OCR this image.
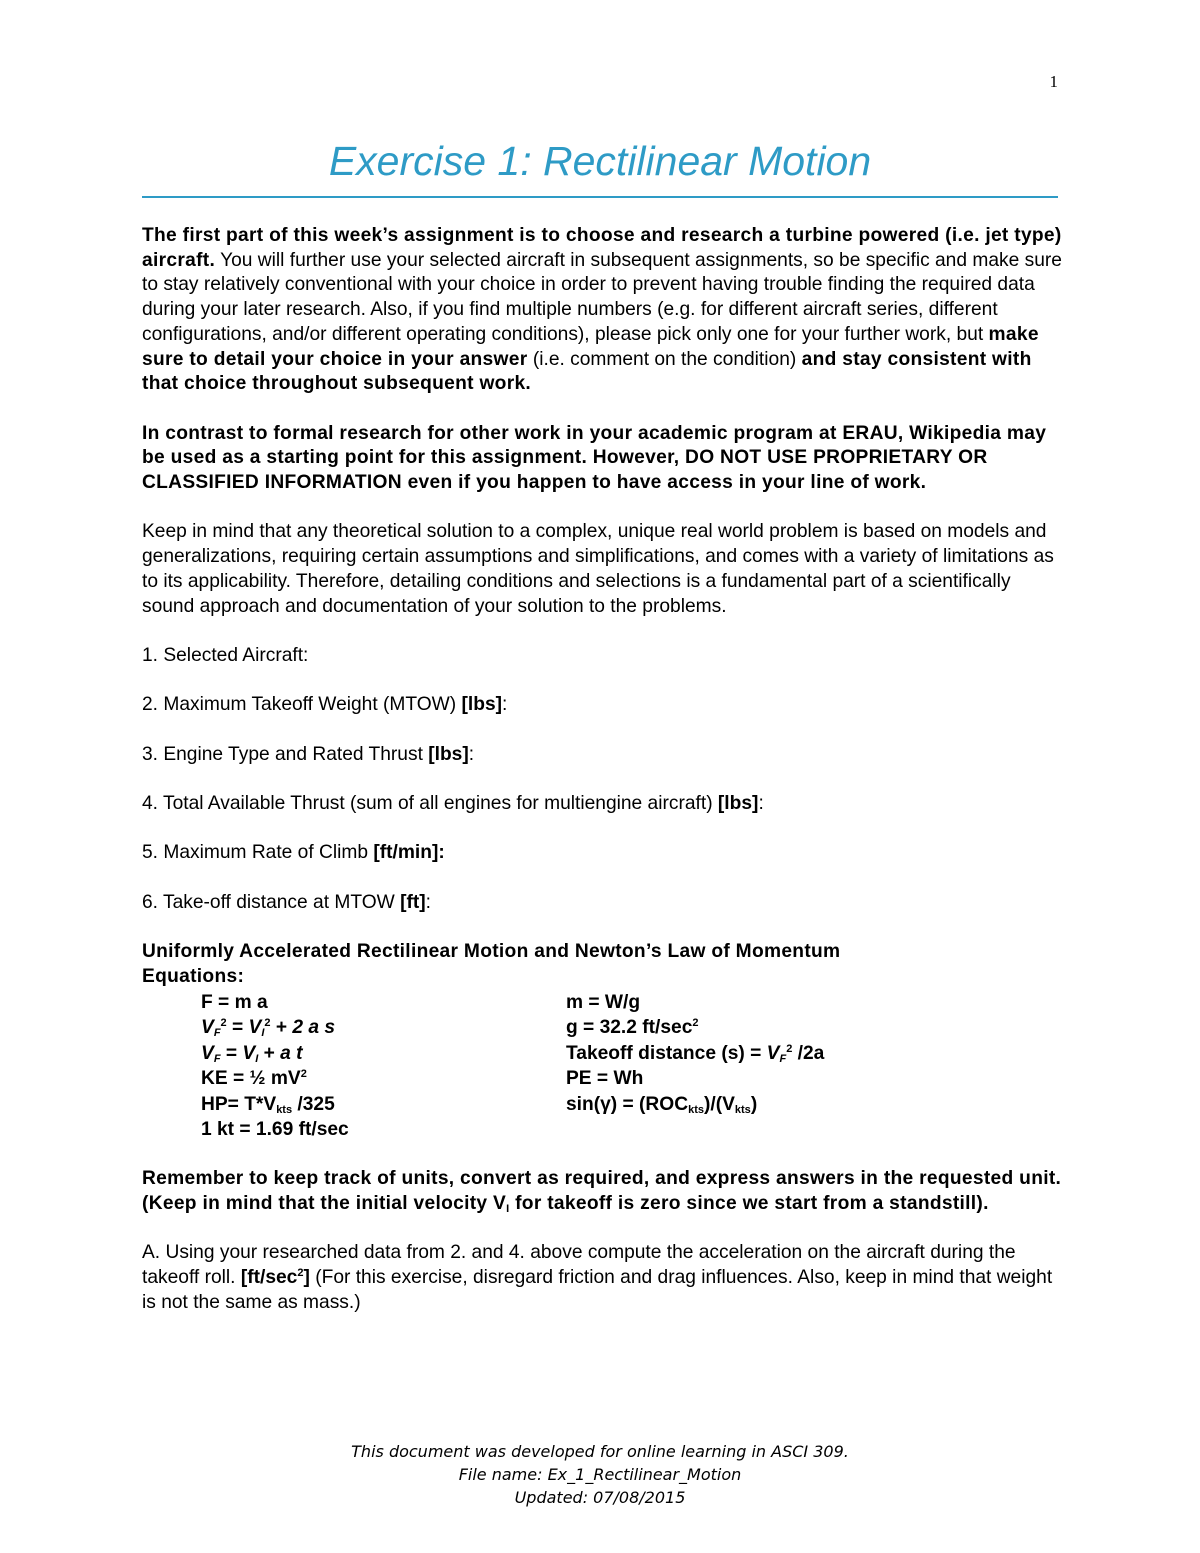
1
Exercise 1: Rectilinear Motion

The first part of this week’s assignment is to choose and research a turbine powered (i.e. jet type) aircraft. You will further use your selected aircraft in subsequent assignments, so be specific and make sure to stay relatively conventional with your choice in order to prevent having trouble finding the required data during your later research. Also, if you find multiple numbers (e.g. for different aircraft series, different configurations, and/or different operating conditions), please pick only one for your further work, but make sure to detail your choice in your answer (i.e. comment on the condition) and stay consistent with that choice throughout subsequent work.

In contrast to formal research for other work in your academic program at ERAU, Wikipedia may be used as a starting point for this assignment. However, DO NOT USE PROPRIETARY OR CLASSIFIED INFORMATION even if you happen to have access in your line of work.

Keep in mind that any theoretical solution to a complex, unique real world problem is based on models and generalizations, requiring certain assumptions and simplifications, and comes with a variety of limitations as to its applicability. Therefore, detailing conditions and selections is a fundamental part of a scientifically sound approach and documentation of your solution to the problems.

1. Selected Aircraft:

2. Maximum Takeoff Weight (MTOW) [lbs]:

3. Engine Type and Rated Thrust [lbs]:

4. Total Available Thrust (sum of all engines for multiengine aircraft) [lbs]:

5. Maximum Rate of Climb [ft/min]:

6. Take-off distance at MTOW [ft]:

Uniformly Accelerated Rectilinear Motion and Newton’s Law of Momentum
Equations:
F = m a	m = W/g
$V_F^2 = V_I^2 + 2$ a s	g = 32.2 $ft/\sec^2$
$V_F = V_I + a$ t	Takeoff distance $(s) = V_F^2$ /2a
KE = ½ $mV^2$	PE = Wh
$HP= T*V_{kts}$ /325	$\sin(\gamma) = (ROC_{kts})/(V_{kts})$
1 kt = 1.69 ft/sec

Remember to keep track of units, convert as required, and express answers in the requested unit. (Keep in mind that the initial velocity $V_I$ for takeoff is zero since we start from a standstill).

A. Using your researched data from 2. and 4. above compute the acceleration on the aircraft during the takeoff roll. $[ft/\sec^2]$ (For this exercise, disregard friction and drag influences. Also, keep in mind that weight is not the same as mass.)

This document was developed for online learning in ASCI 309.
File name: Ex_1_Rectilinear_Motion
Updated: 07/08/2015
